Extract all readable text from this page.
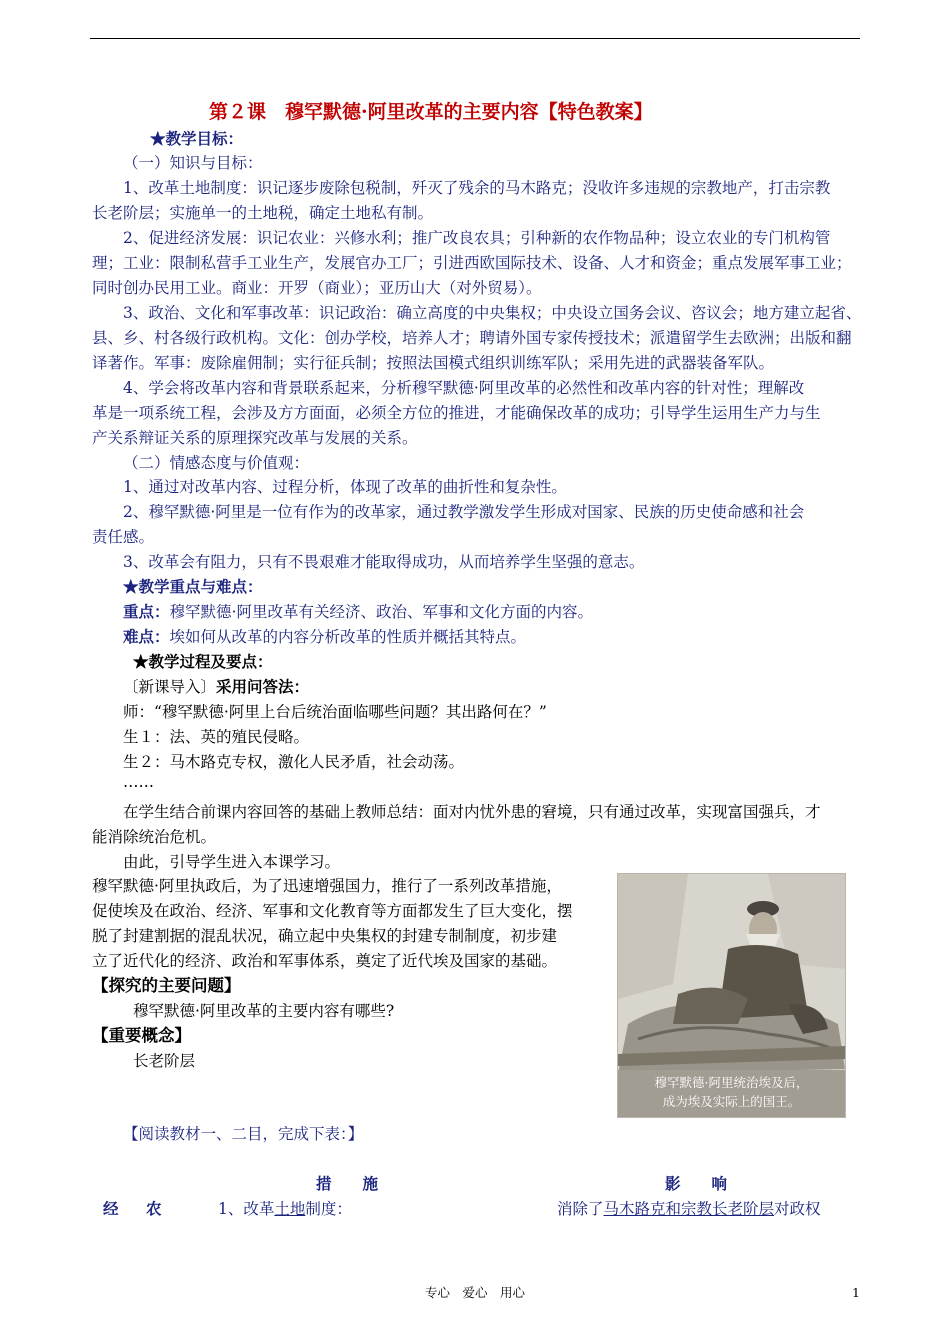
第２课　穆罕默德·阿里改革的主要内容【特色教案】
★教学目标：
（一）知识与目标：
1、改革土地制度：识记逐步废除包税制，歼灭了残余的马木路克；没收许多违规的宗教地产，打击宗教
长老阶层；实施单一的土地税，确定土地私有制。
2、促进经济发展：识记农业：兴修水利；推广改良农具；引种新的农作物品种；设立农业的专门机构管
理；工业：限制私营手工业生产，发展官办工厂；引进西欧国际技术、设备、人才和资金；重点发展军事工业；
同时创办民用工业。商业：开罗（商业）；亚历山大（对外贸易）。
3、政治、文化和军事改革：识记政治：确立高度的中央集权；中央设立国务会议、咨议会；地方建立起省、
县、乡、村各级行政机构。文化：创办学校，培养人才；聘请外国专家传授技术；派遣留学生去欧洲；出版和翻
译著作。军事：废除雇佣制；实行征兵制；按照法国模式组织训练军队；采用先进的武器装备军队。
4、学会将改革内容和背景联系起来，分析穆罕默德·阿里改革的必然性和改革内容的针对性；理解改
革是一项系统工程，会涉及方方面面，必须全方位的推进，才能确保改革的成功；引导学生运用生产力与生
产关系辩证关系的原理探究改革与发展的关系。
（二）情感态度与价值观：
1、通过对改革内容、过程分析，体现了改革的曲折性和复杂性。
2、穆罕默德·阿里是一位有作为的改革家，通过教学激发学生形成对国家、民族的历史使命感和社会
责任感。
3、改革会有阻力，只有不畏艰难才能取得成功，从而培养学生坚强的意志。
★教学重点与难点：
重点：穆罕默德·阿里改革有关经济、政治、军事和文化方面的内容。
难点：埃如何从改革的内容分析改革的性质并概括其特点。
★教学过程及要点：
〔新课导入〕采用问答法：
师：“穆罕默德·阿里上台后统治面临哪些问题？其出路何在？”
生１：法、英的殖民侵略。
生２：马木路克专权，激化人民矛盾，社会动荡。
……
在学生结合前课内容回答的基础上教师总结：面对内忧外患的窘境，只有通过改革，实现富国强兵，才
能消除统治危机。
由此，引导学生进入本课学习。
穆罕默德·阿里执政后，为了迅速增强国力，推行了一系列改革措施，
促使埃及在政治、经济、军事和文化教育等方面都发生了巨大变化，摆
脱了封建割据的混乱状况，确立起中央集权的封建专制制度，初步建
立了近代化的经济、政治和军事体系，奠定了近代埃及国家的基础。
【探究的主要问题】
穆罕默德·阿里改革的主要内容有哪些?
【重要概念】
长老阶层
穆罕默德·阿里统治埃及后，
成为埃及实际上的国王。
【阅读教材一、二目，完成下表：】
措　　施	影　　响
经 农	1、改革土地制度：	消除了马木路克和宗教长老阶层对政权
专心　爱心　用心	1
